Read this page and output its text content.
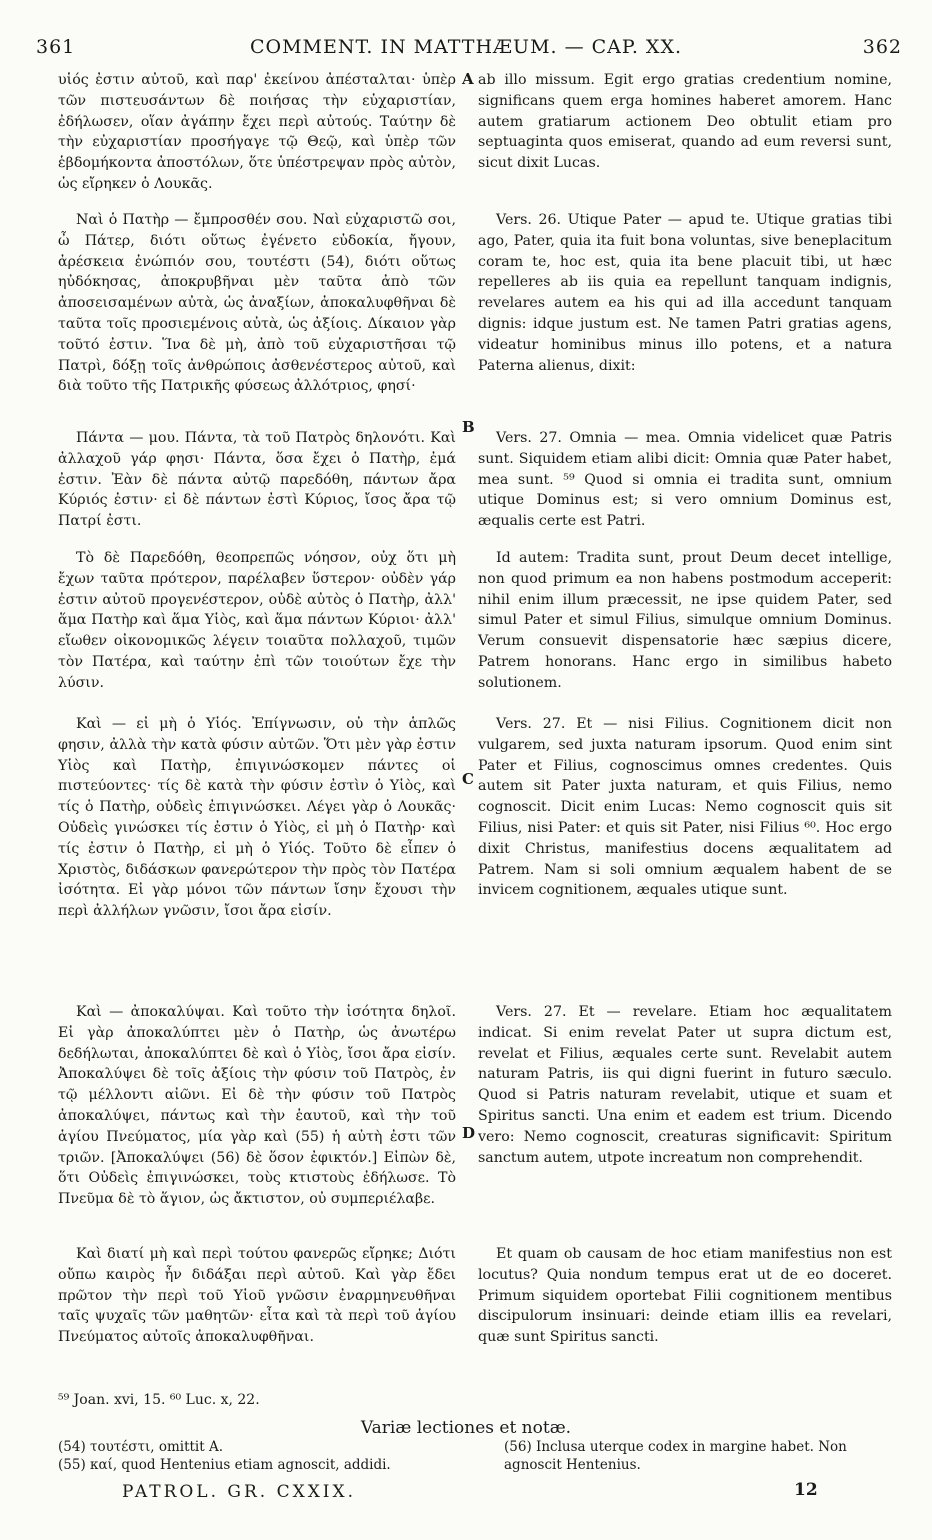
361	COMMENT. IN MATTHÆUM. — CAP. XX.	362

υἱός ἐστιν αὐτοῦ, καὶ παρ' ἐκείνου ἀπέσταλται· ὑπὲρ τῶν πιστευσάντων δὲ ποιήσας τὴν εὐχαριστίαν, ἐδήλωσεν, οἵαν ἀγάπην ἔχει περὶ αὐτούς. Ταύτην δὲ τὴν εὐχαριστίαν προσήγαγε τῷ Θεῷ, καὶ ὑπὲρ τῶν ἑβδομήκοντα ἀποστόλων, ὅτε ὑπέστρεψαν πρὸς αὐτὸν, ὡς εἴρηκεν ὁ Λουκᾶς.

Ναὶ ὁ Πατὴρ — ἔμπροσθέν σου. Ναὶ εὐχαριστῶ σοι, ὦ Πάτερ, διότι οὕτως ἐγένετο εὐδοκία, ἤγουν, ἀρέσκεια ἐνώπιόν σου, τουτέστι (54), διότι οὕτως ηὐδόκησας, ἀποκρυβῆναι μὲν ταῦτα ἀπὸ τῶν ἀποσεισαμένων αὐτὰ, ὡς ἀναξίων, ἀποκαλυφθῆναι δὲ ταῦτα τοῖς προσιεμένοις αὐτὰ, ὡς ἀξίοις. Δίκαιον γὰρ τοῦτό ἐστιν. Ἵνα δὲ μὴ, ἀπὸ τοῦ εὐχαριστῆσαι τῷ Πατρὶ, δόξῃ τοῖς ἀνθρώποις ἀσθενέστερος αὐτοῦ, καὶ διὰ τοῦτο τῆς Πατρικῆς φύσεως ἀλλότριος, φησί·

Πάντα — μου. Πάντα, τὰ τοῦ Πατρὸς δηλονότι. Καὶ ἀλλαχοῦ γάρ φησι· Πάντα, ὅσα ἔχει ὁ Πατὴρ, ἐμά ἐστιν. Ἐὰν δὲ πάντα αὐτῷ παρεδόθη, πάντων ἄρα Κύριός ἐστιν· εἰ δὲ πάντων ἐστὶ Κύριος, ἴσος ἄρα τῷ Πατρί ἐστι.

Τὸ δὲ Παρεδόθη, θεοπρεπῶς νόησον, οὐχ ὅτι μὴ ἔχων ταῦτα πρότερον, παρέλαβεν ὕστερον· οὐδὲν γάρ ἐστιν αὐτοῦ προγενέστερον, οὐδὲ αὐτὸς ὁ Πατὴρ, ἀλλ' ἅμα Πατὴρ καὶ ἅμα Υἱὸς, καὶ ἅμα πάντων Κύριοι· ἀλλ' εἴωθεν οἰκονομικῶς λέγειν τοιαῦτα πολλαχοῦ, τιμῶν τὸν Πατέρα, καὶ ταύτην ἐπὶ τῶν τοιούτων ἔχε τὴν λύσιν.

Καὶ — εἰ μὴ ὁ Υἱός. Ἐπίγνωσιν, οὐ τὴν ἁπλῶς φησιν, ἀλλὰ τὴν κατὰ φύσιν αὐτῶν. Ὅτι μὲν γὰρ ἐστιν Υἱὸς καὶ Πατὴρ, ἐπιγινώσκομεν πάντες οἱ πιστεύοντες· τίς δὲ κατὰ τὴν φύσιν ἐστὶν ὁ Υἱὸς, καὶ τίς ὁ Πατὴρ, οὐδεὶς ἐπιγινώσκει. Λέγει γὰρ ὁ Λουκᾶς· Οὐδεὶς γινώσκει τίς ἐστιν ὁ Υἱὸς, εἰ μὴ ὁ Πατὴρ· καὶ τίς ἐστιν ὁ Πατὴρ, εἰ μὴ ὁ Υἱός. Τοῦτο δὲ εἶπεν ὁ Χριστὸς, διδάσκων φανερώτερον τὴν πρὸς τὸν Πατέρα ἰσότητα. Εἰ γὰρ μόνοι τῶν πάντων ἴσην ἔχουσι τὴν περὶ ἀλλήλων γνῶσιν, ἴσοι ἄρα εἰσίν.

Καὶ — ἀποκαλύψαι. Καὶ τοῦτο τὴν ἰσότητα δηλοῖ. Εἰ γὰρ ἀποκαλύπτει μὲν ὁ Πατὴρ, ὡς ἀνωτέρω δεδήλωται, ἀποκαλύπτει δὲ καὶ ὁ Υἱὸς, ἴσοι ἄρα εἰσίν. Ἀποκαλύψει δὲ τοῖς ἀξίοις τὴν φύσιν τοῦ Πατρὸς, ἐν τῷ μέλλοντι αἰῶνι. Εἰ δὲ τὴν φύσιν τοῦ Πατρὸς ἀποκαλύψει, πάντως καὶ τὴν ἑαυτοῦ, καὶ τὴν τοῦ ἁγίου Πνεύματος, μία γὰρ καὶ (55) ἡ αὐτὴ ἐστι τῶν τριῶν. [Ἀποκαλύψει (56) δὲ ὅσον ἐφικτόν.] Εἰπὼν δὲ, ὅτι Οὐδεὶς ἐπιγινώσκει, τοὺς κτιστοὺς ἐδήλωσε. Τὸ Πνεῦμα δὲ τὸ ἅγιον, ὡς ἄκτιστον, οὐ συμπεριέλαβε.

Καὶ διατί μὴ καὶ περὶ τούτου φανερῶς εἴρηκε; Διότι οὔπω καιρὸς ἦν διδάξαι περὶ αὐτοῦ. Καὶ γὰρ ἔδει πρῶτον τὴν περὶ τοῦ Υἱοῦ γνῶσιν ἐναρμηνευθῆναι ταῖς ψυχαῖς τῶν μαθητῶν· εἶτα καὶ τὰ περὶ τοῦ ἁγίου Πνεύματος αὐτοῖς ἀποκαλυφθῆναι.

ab illo missum. Egit ergo gratias credentium nomine, significans quem erga homines haberet amorem. Hanc autem gratiarum actionem Deo obtulit etiam pro septuaginta quos emiserat, quando ad eum reversi sunt, sicut dixit Lucas.

Vers. 26. Utique Pater — apud te. Utique gratias tibi ago, Pater, quia ita fuit bona voluntas, sive beneplacitum coram te, hoc est, quia ita bene placuit tibi, ut hæc repelleres ab iis quia ea repellunt tanquam indignis, revelares autem ea his qui ad illa accedunt tanquam dignis: idque justum est. Ne tamen Patri gratias agens, videatur hominibus minus illo potens, et a natura Paterna alienus, dixit:

Vers. 27. Omnia — mea. Omnia videlicet quæ Patris sunt. Siquidem etiam alibi dicit: Omnia quæ Pater habet, mea sunt. ⁵⁹ Quod si omnia ei tradita sunt, omnium utique Dominus est; si vero omnium Dominus est, æqualis certe est Patri.

Id autem: Tradita sunt, prout Deum decet intellige, non quod primum ea non habens postmodum acceperit: nihil enim illum præcessit, ne ipse quidem Pater, sed simul Pater et simul Filius, simulque omnium Dominus. Verum consuevit dispensatorie hæc sæpius dicere, Patrem honorans. Hanc ergo in similibus habeto solutionem.

Vers. 27. Et — nisi Filius. Cognitionem dicit non vulgarem, sed juxta naturam ipsorum. Quod enim sint Pater et Filius, cognoscimus omnes credentes. Quis autem sit Pater juxta naturam, et quis Filius, nemo cognoscit. Dicit enim Lucas: Nemo cognoscit quis sit Filius, nisi Pater: et quis sit Pater, nisi Filius ⁶⁰. Hoc ergo dixit Christus, manifestius docens æqualitatem ad Patrem. Nam si soli omnium æqualem habent de se invicem cognitionem, æquales utique sunt.

Vers. 27. Et — revelare. Etiam hoc æqualitatem indicat. Si enim revelat Pater ut supra dictum est, revelat et Filius, æquales certe sunt. Revelabit autem naturam Patris, iis qui digni fuerint in futuro sæculo. Quod si Patris naturam revelabit, utique et suam et Spiritus sancti. Una enim et eadem est trium. Dicendo vero: Nemo cognoscit, creaturas significavit: Spiritum sanctum autem, utpote increatum non comprehendit.

Et quam ob causam de hoc etiam manifestius non est locutus? Quia nondum tempus erat ut de eo doceret. Primum siquidem oportebat Filii cognitionem mentibus discipulorum insinuari: deinde etiam illis ea revelari, quæ sunt Spiritus sancti.

A
B
C
D
⁵⁹ Joan. xvi, 15. ⁶⁰ Luc. x, 22.
Variæ lectiones et notæ.
(54) τουτέστι, omittit A.
(55) καί, quod Hentenius etiam agnoscit, addidi.
(56) Inclusa uterque codex in margine habet. Non agnoscit Hentenius.
PATROL. GR. CXXIX.	12
